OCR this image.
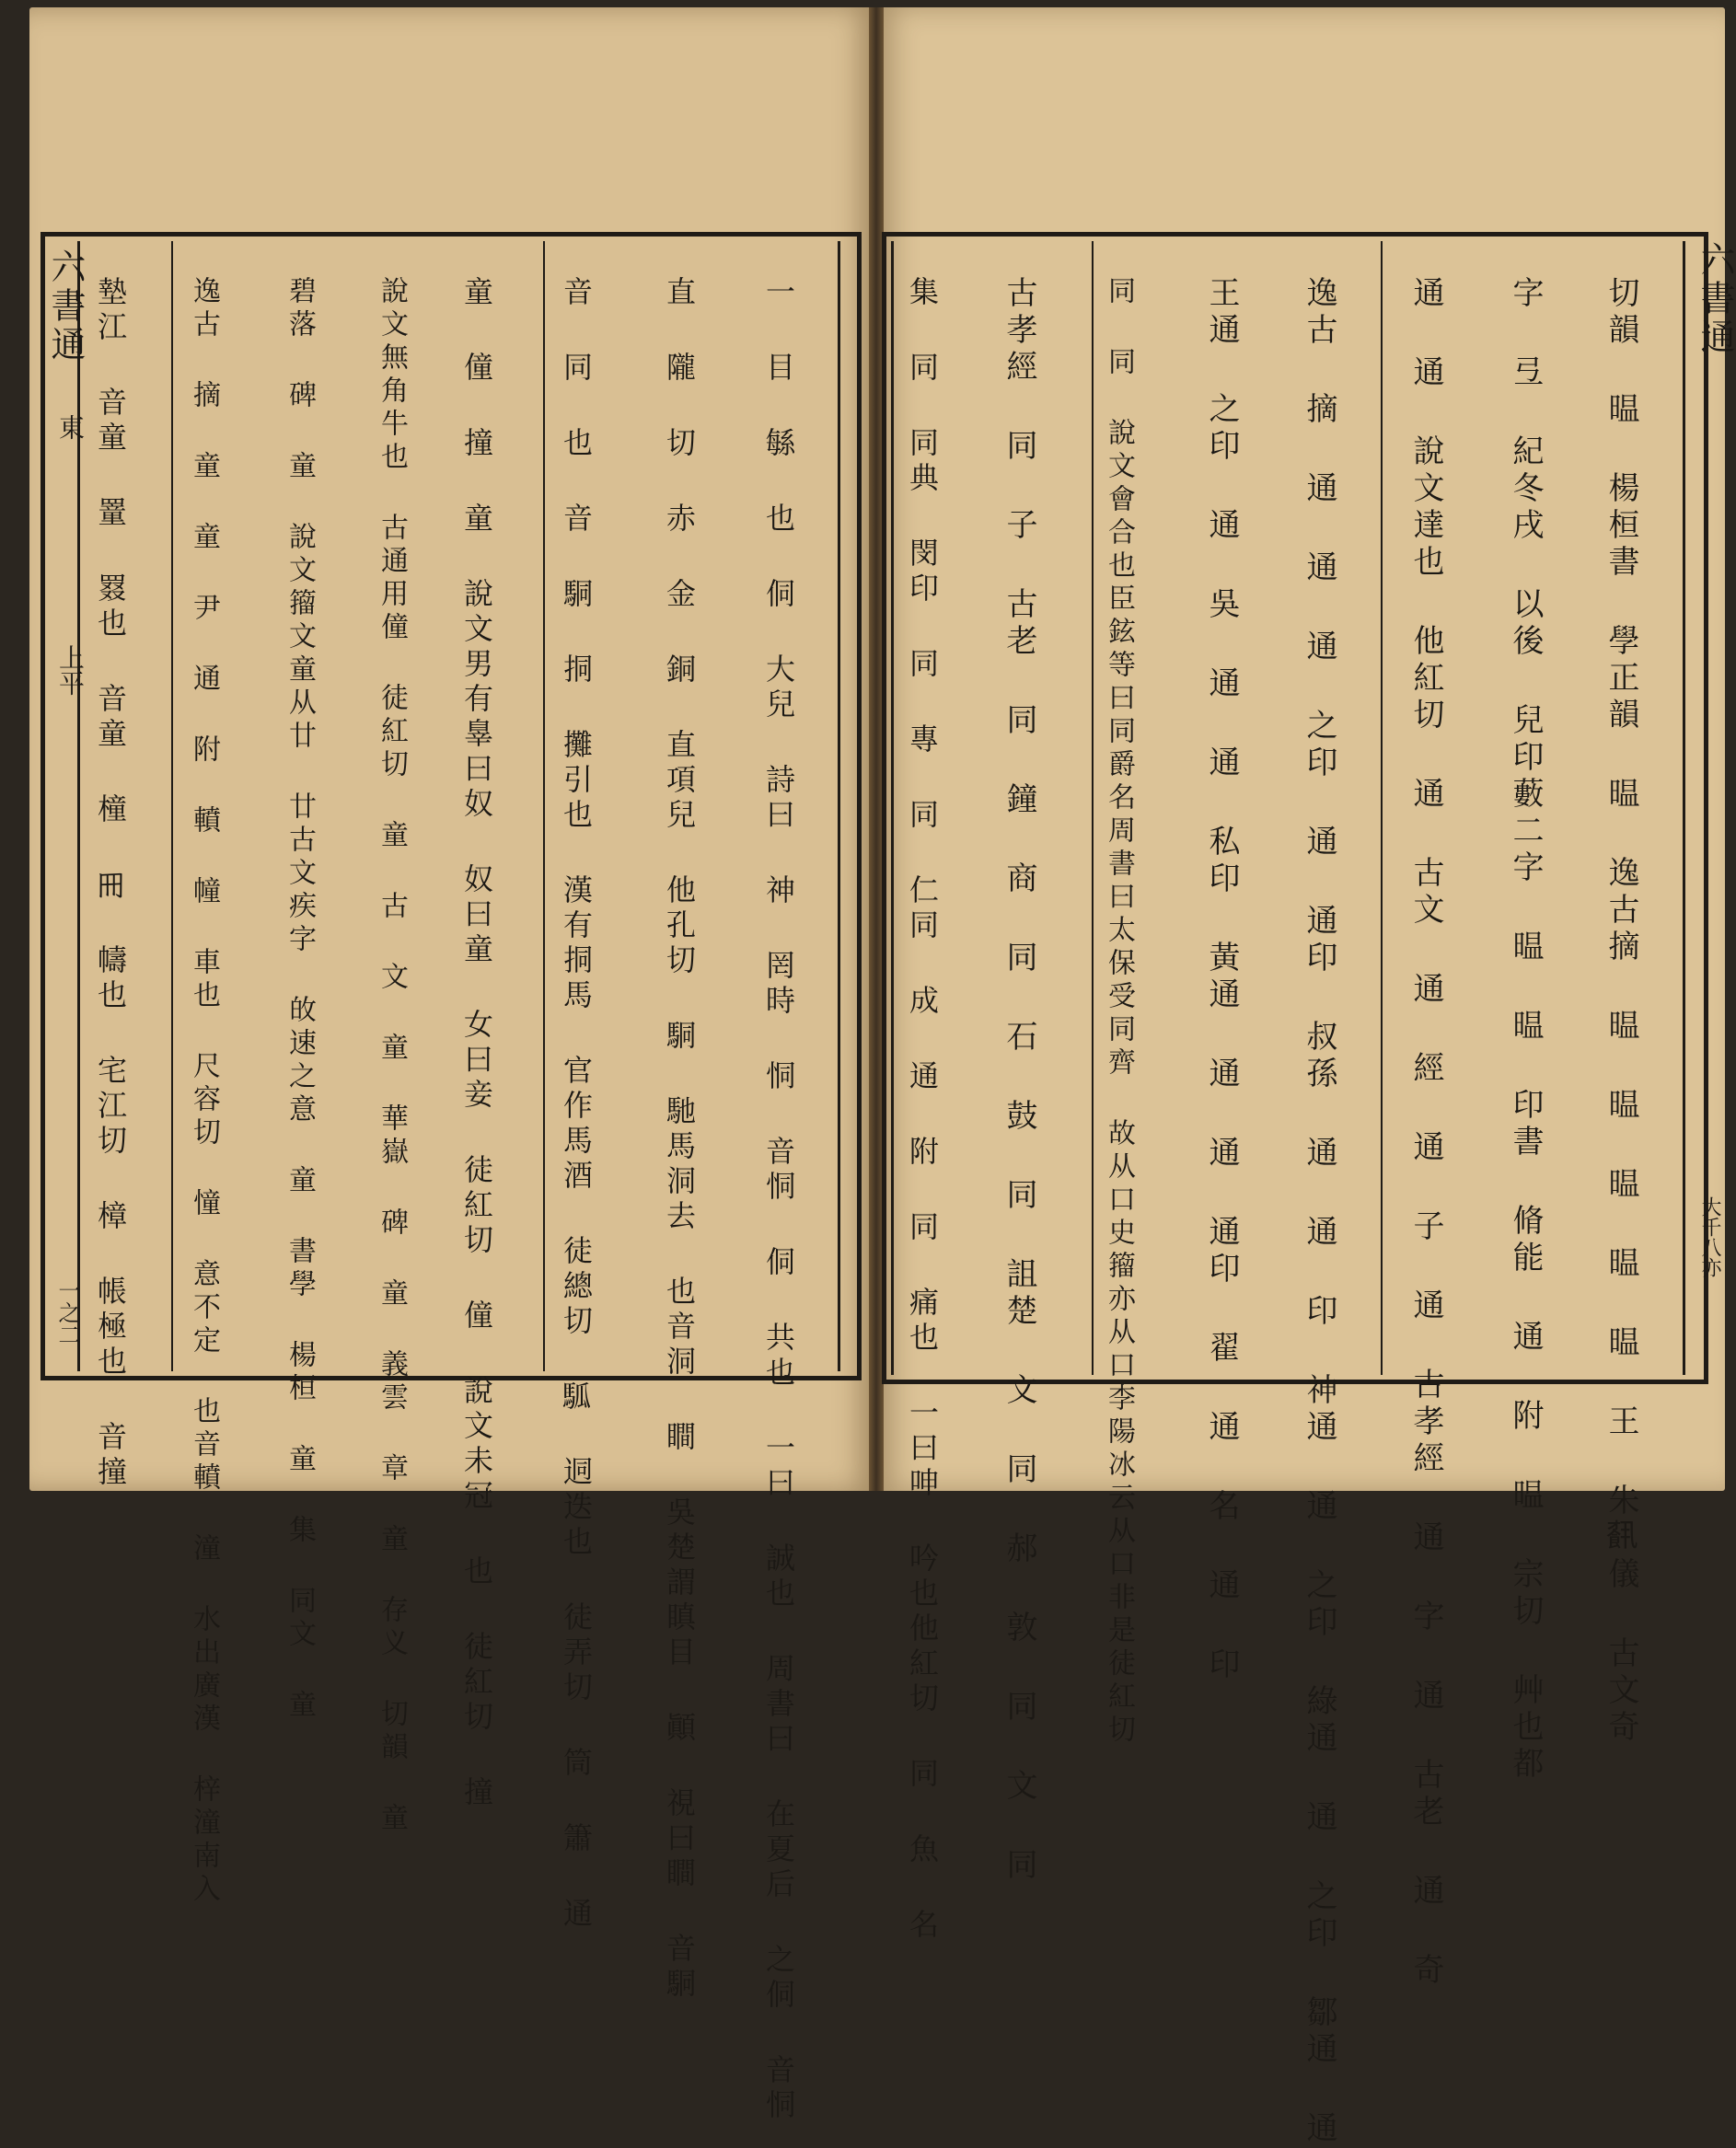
六書通
六書通
東
上平
一之二
大千八亦
切韻 㬈 楊桓書 學正韻 㬈 逸古摘 㬈 㬈 㬈 㬈 㬈 王 朱𩛥儀 古文奇
字 弖 紀冬戌 以後 兒印藪二字 㬈 㬈 印書 脩能 通 附 㬈 宗切 艸也都
通 通 說文達也 他紅切 通 古文 通 經 通 子 通 古孝經 通 字 通 古老 通 奇
逸古 摘 通 通 通 之印 通 通印 叔孫 通 通 印 神通 通 之印 綠通 通 之印 鄒通 通
王通 之印 通 吳 通 通 私印 黃通 通 通 通印 翟 通 名 通 印
同 同 說文會合也臣鉉等曰同爵名周書曰太保受同齊 故从口史籀亦从口李陽冰云从口非是徒紅切
古孝經 同 子 古老 同 鐘 商 同 石 鼓 同 詛楚 文 同 郝 敦 同 文 同
集 同 同典 閔印 同 專 同 仁同 成 通 附 同 痛也 一曰呻 吟也他紅切 同 魚 名
一 目 緐 也 侗 大兒 詩曰 神 罔時 恫 音恫 侗 共也 一曰 誠也 周書曰 在夏后 之侗 音恫
直 隴 切 赤 金 銅 直項兒 他孔切 駧 馳馬洞去 也音洞 瞷 吳楚謂瞋目 顚 視曰瞷 音駧
音 同 也 音 駧 挏 攤引也 漢有挏馬 官作馬酒 徒總切 𩢍 迵迭也 徒弄切 筒 簫 通
童 僮 撞 童 說文男有辠曰奴 奴曰童 女曰妾 徒紅切 僮 說文未冠 也 徒紅切 撞
說文無角牛也 古通用僮 徒紅切 童 古 文 童 華嶽 碑 童 義雲 章 童 存义 切韻 童
碧落 碑 童 說文籀文童从廿 廿古文疾字 敀速之意 童 書學 楊桓 童 集 同文 童
逸古 摘 童 童 尹 通 附 轒 幢 車也 尺容切 憧 意不定 也音轒 潼 水出廣漢 梓潼南入
墊江 音童 罿 罬也 音童 橦 𠕁 幬也 宅江切 樟 帳極也 音撞
